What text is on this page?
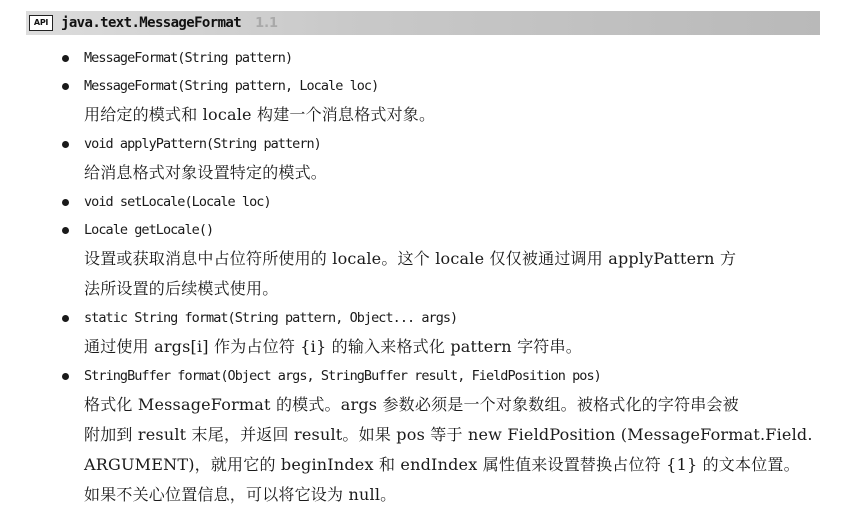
API java.text.MessageFormat 1.1
MessageFormat(String pattern)
MessageFormat(String pattern, Locale loc)
用给定的模式和 locale 构建一个消息格式对象。
void applyPattern(String pattern)
给消息格式对象设置特定的模式。
void setLocale(Locale loc)
Locale getLocale()
设置或获取消息中占位符所使用的 locale。这个 locale 仅仅被通过调用 applyPattern 方
法所设置的后续模式使用。
static String format(String pattern, Object... args)
通过使用 args[i] 作为占位符 {i} 的输入来格式化 pattern 字符串。
StringBuffer format(Object args, StringBuffer result, FieldPosition pos)
格式化 MessageFormat 的模式。args 参数必须是一个对象数组。被格式化的字符串会被
附加到 result 末尾，并返回 result。如果 pos 等于 new FieldPosition (MessageFormat.Field.
ARGUMENT)，就用它的 beginIndex 和 endIndex 属性值来设置替换占位符 {1} 的文本位置。
如果不关心位置信息，可以将它设为 null。
